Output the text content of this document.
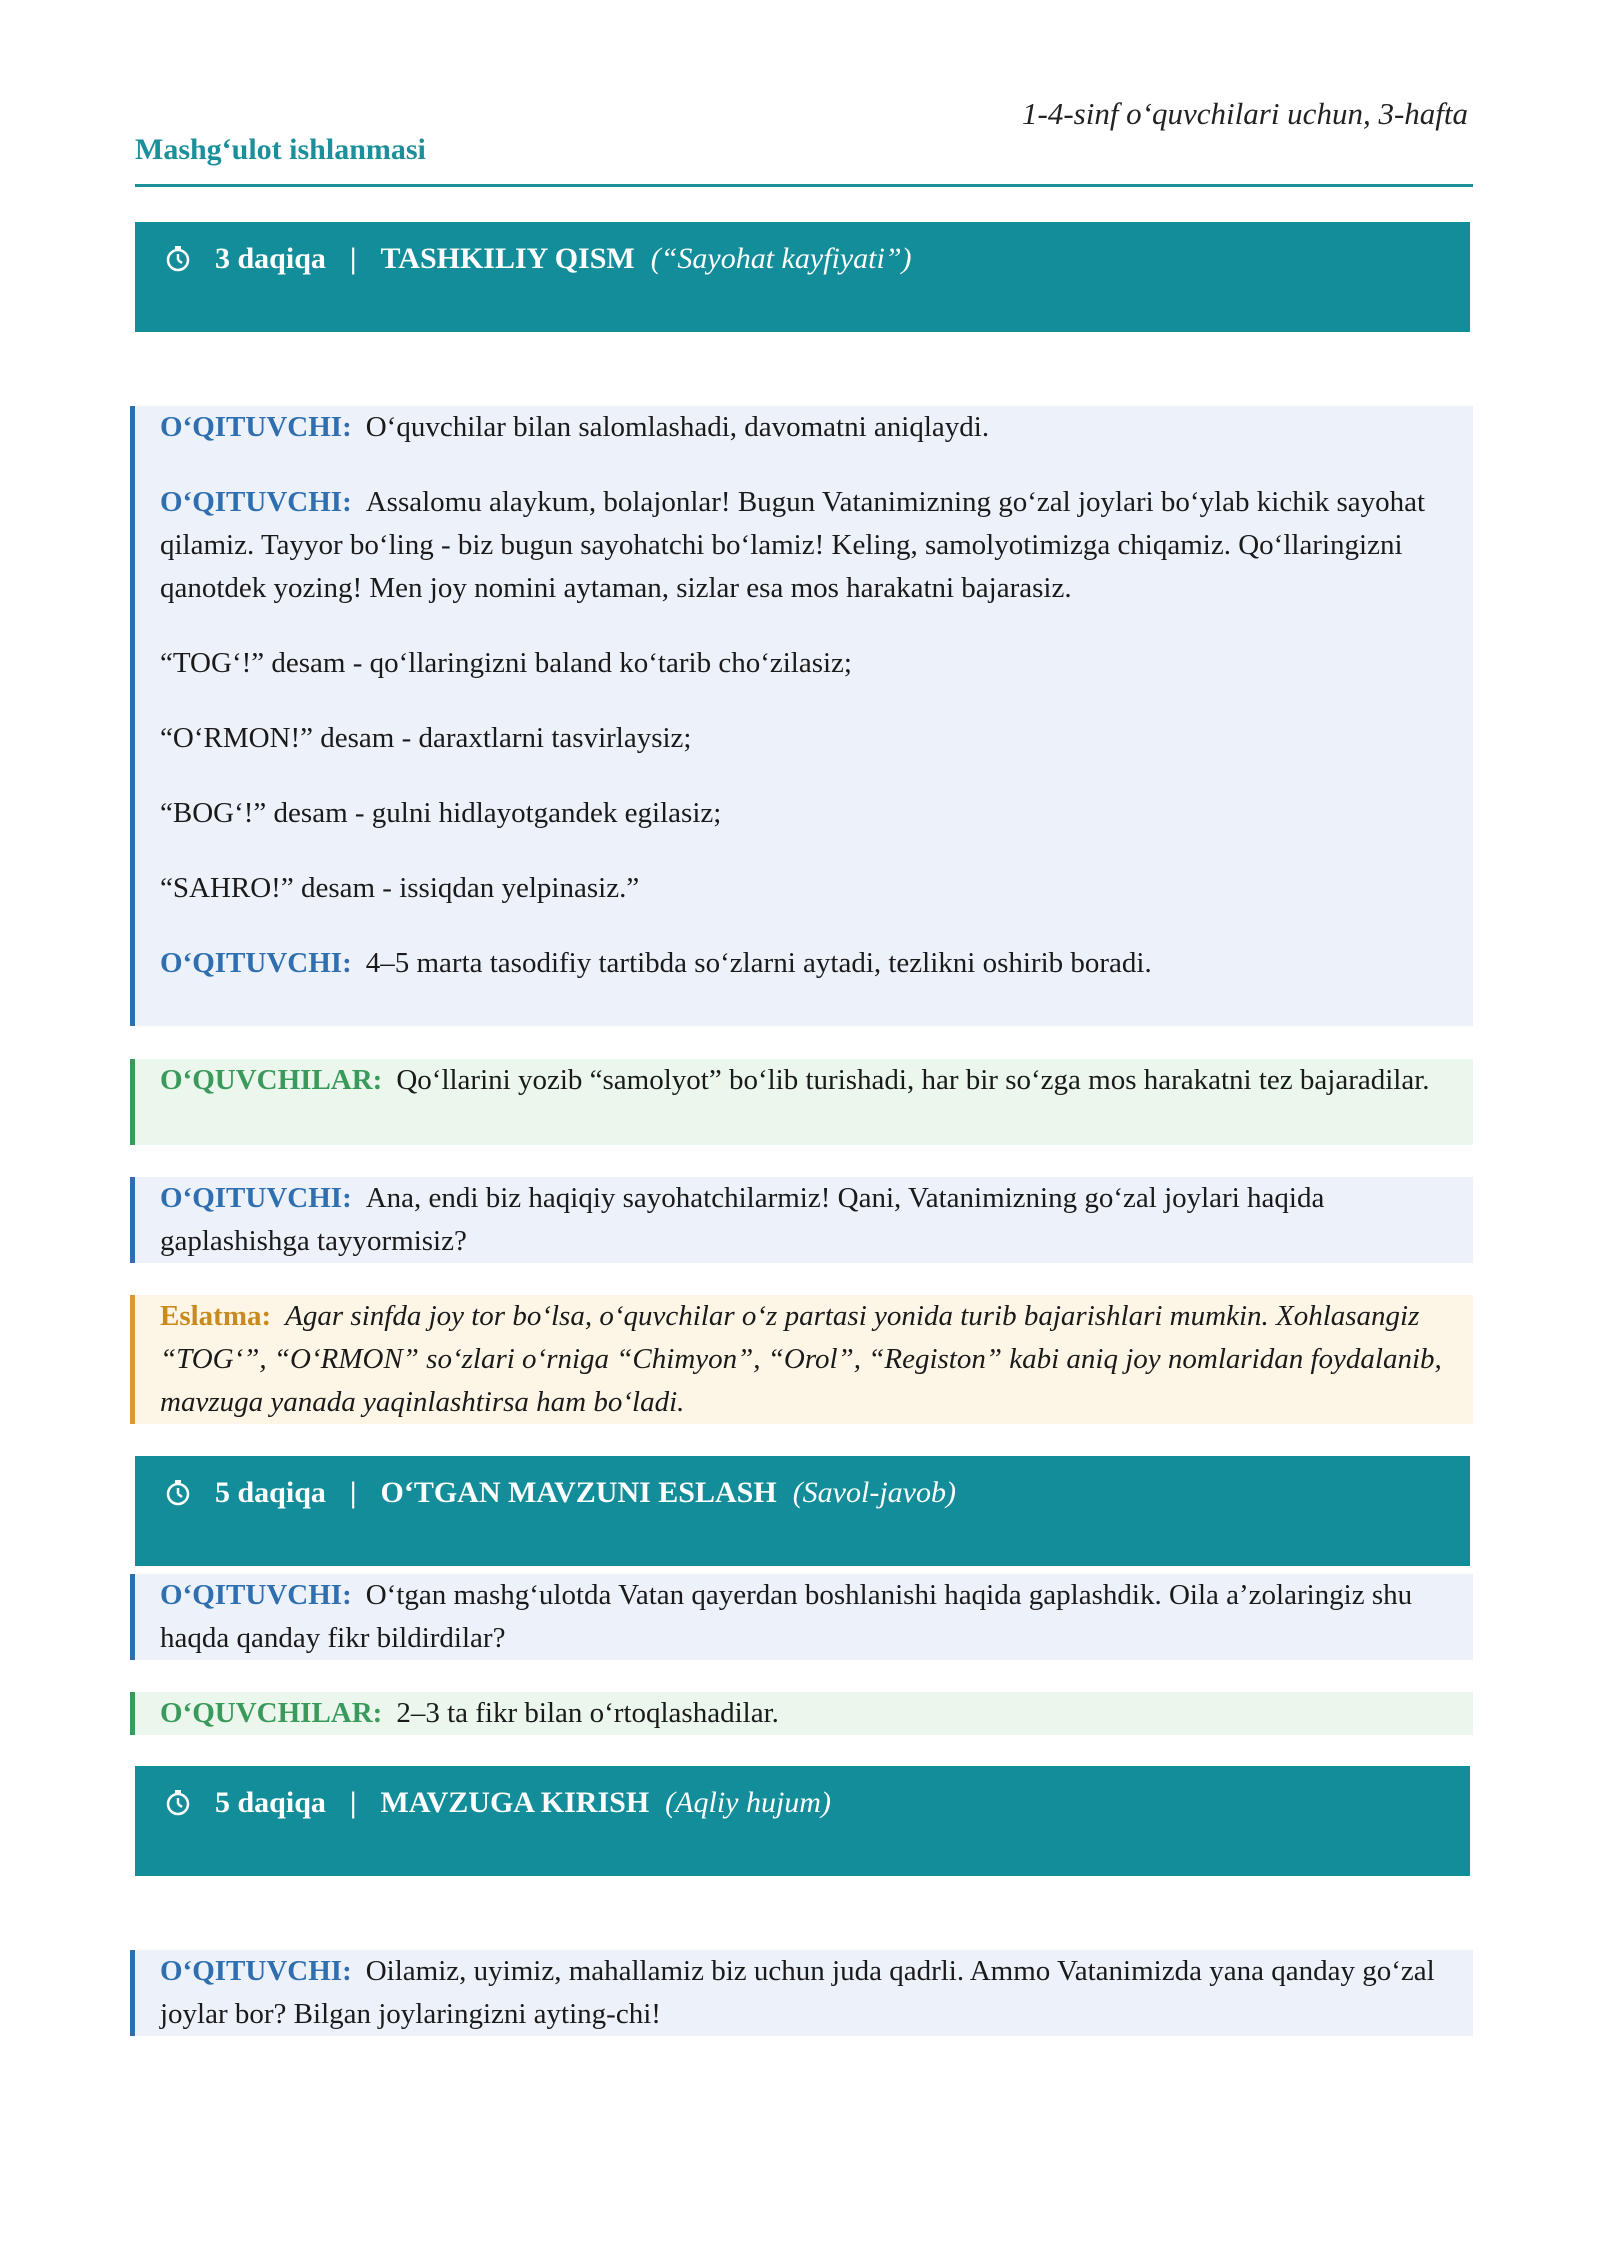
1-4-sinf o‘quvchilari uchun, 3-hafta
Mashg‘ulot ishlanmasi
3 daqiqa | TASHKILIY QISM (“Sayohat kayfiyati”)

O‘QITUVCHI: O‘quvchilar bilan salomlashadi, davomatni aniqlaydi.

O‘QITUVCHI: Assalomu alaykum, bolajonlar! Bugun Vatanimizning go‘zal joylari bo‘ylab kichik sayohat qilamiz. Tayyor bo‘ling - biz bugun sayohatchi bo‘lamiz! Keling, samolyotimizga chiqamiz. Qo‘llaringizni qanotdek yozing! Men joy nomini aytaman, sizlar esa mos harakatni bajarasiz.

“TOG‘!” desam - qo‘llaringizni baland ko‘tarib cho‘zilasiz;

“O‘RMON!” desam - daraxtlarni tasvirlaysiz;

“BOG‘!” desam - gulni hidlayotgandek egilasiz;

“SAHRO!” desam - issiqdan yelpinasiz.”

O‘QITUVCHI: 4–5 marta tasodifiy tartibda so‘zlarni aytadi, tezlikni oshirib boradi.

O‘QUVCHILAR: Qo‘llarini yozib “samolyot” bo‘lib turishadi, har bir so‘zga mos harakatni tez bajaradilar.

O‘QITUVCHI: Ana, endi biz haqiqiy sayohatchilarmiz! Qani, Vatanimizning go‘zal joylari haqida gaplashishga tayyormisiz?

Eslatma: Agar sinfda joy tor bo‘lsa, o‘quvchilar o‘z partasi yonida turib bajarishlari mumkin. Xohlasangiz “TOG‘”, “O‘RMON” so‘zlari o‘rniga “Chimyon”, “Orol”, “Registon” kabi aniq joy nomlaridan foydalanib, mavzuga yanada yaqinlashtirsa ham bo‘ladi.

5 daqiqa | O‘TGAN MAVZUNI ESLASH (Savol-javob)

O‘QITUVCHI: O‘tgan mashg‘ulotda Vatan qayerdan boshlanishi haqida gaplashdik. Oila a’zolaringiz shu haqda qanday fikr bildirdilar?

O‘QUVCHILAR: 2–3 ta fikr bilan o‘rtoqlashadilar.

5 daqiqa | MAVZUGA KIRISH (Aqliy hujum)

O‘QITUVCHI: Oilamiz, uyimiz, mahallamiz biz uchun juda qadrli. Ammo Vatanimizda yana qanday go‘zal joylar bor? Bilgan joylaringizni ayting-chi!
